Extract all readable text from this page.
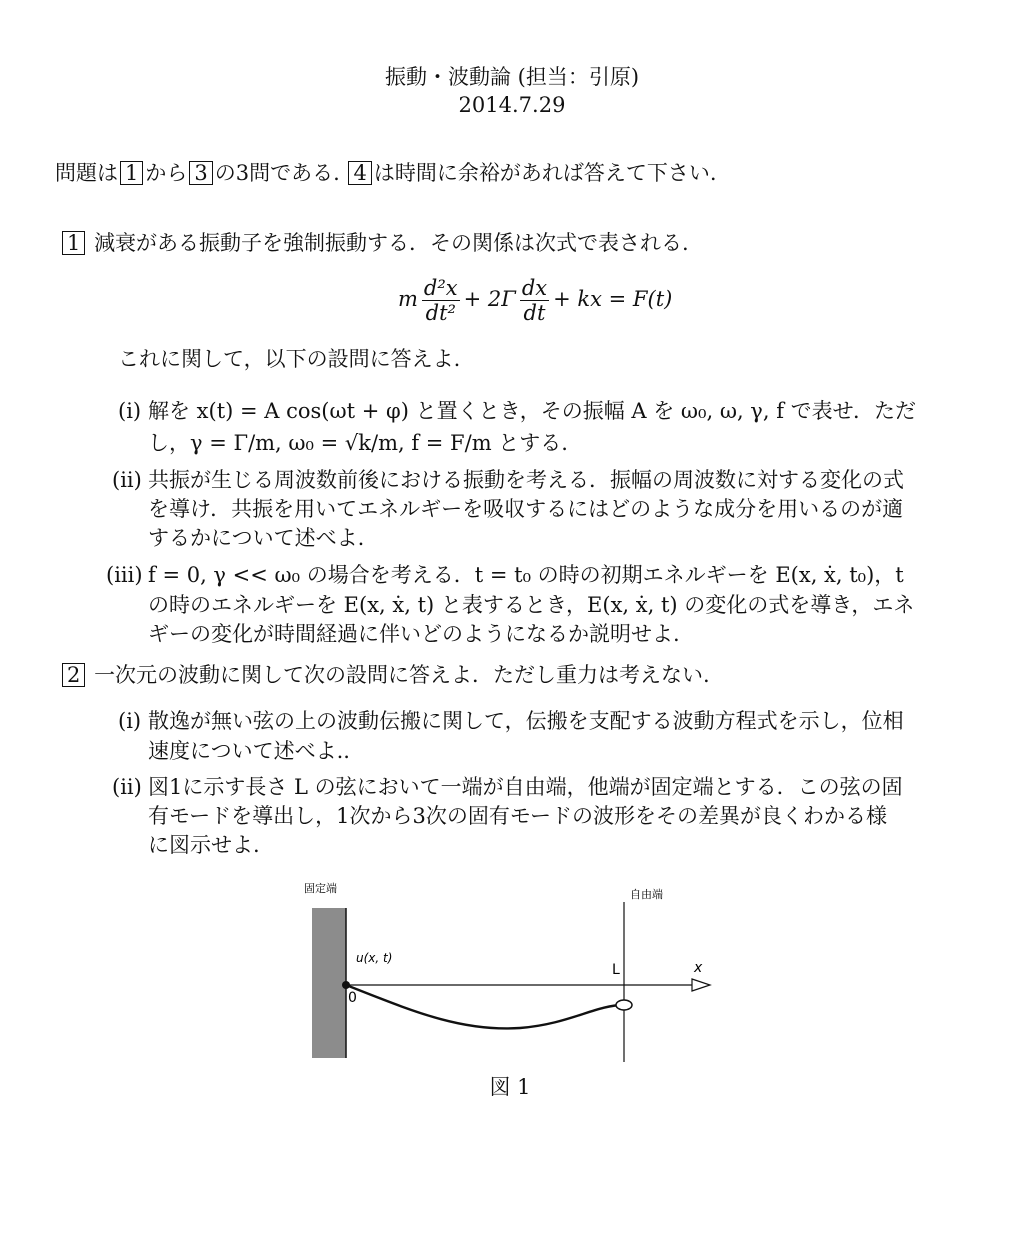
振動・波動論 (担当：引原)
2014.7.29
問題は 1 から 3 の3問である. 4 は時間に余裕があれば答えて下さい.
1 減衰がある振動子を強制振動する．その関係は次式で表される.
m $\frac{\text{d²x}}{\text{dt²}} + 2\Gamma \frac{dx}{dt}$ + kx = F(t)
これに関して，以下の設問に答えよ.
(i) 解を x(t) = A cos(ωt + φ) と置くとき，その振幅 A を ω₀, ω, γ, f で表せ．ただ
し，γ = Γ/m, ω₀ = √k/m, f = F/m とする.
(ii) 共振が生じる周波数前後における振動を考える．振幅の周波数に対する変化の式
を導け．共振を用いてエネルギーを吸収するにはどのような成分を用いるのが適
するかについて述べよ.
(iii) f = 0, γ << ω₀ の場合を考える．t = t₀ の時の初期エネルギーを E(x, ẋ, t₀)，t
の時のエネルギーを E(x, ẋ, t) と表するとき，E(x, ẋ, t) の変化の式を導き，エネ
ギーの変化が時間経過に伴いどのようになるか説明せよ.
2 一次元の波動に関して次の設問に答えよ．ただし重力は考えない.
(i) 散逸が無い弦の上の波動伝搬に関して，伝搬を支配する波動方程式を示し，位相
速度について述べよ..
(ii) 図1に示す長さ L の弦において一端が自由端，他端が固定端とする．この弦の固
有モードを導出し，1次から3次の固有モードの波形をその差異が良くわかる様
に図示せよ.
固定端	自由端
u(x, t)
0
L	x
図 1
